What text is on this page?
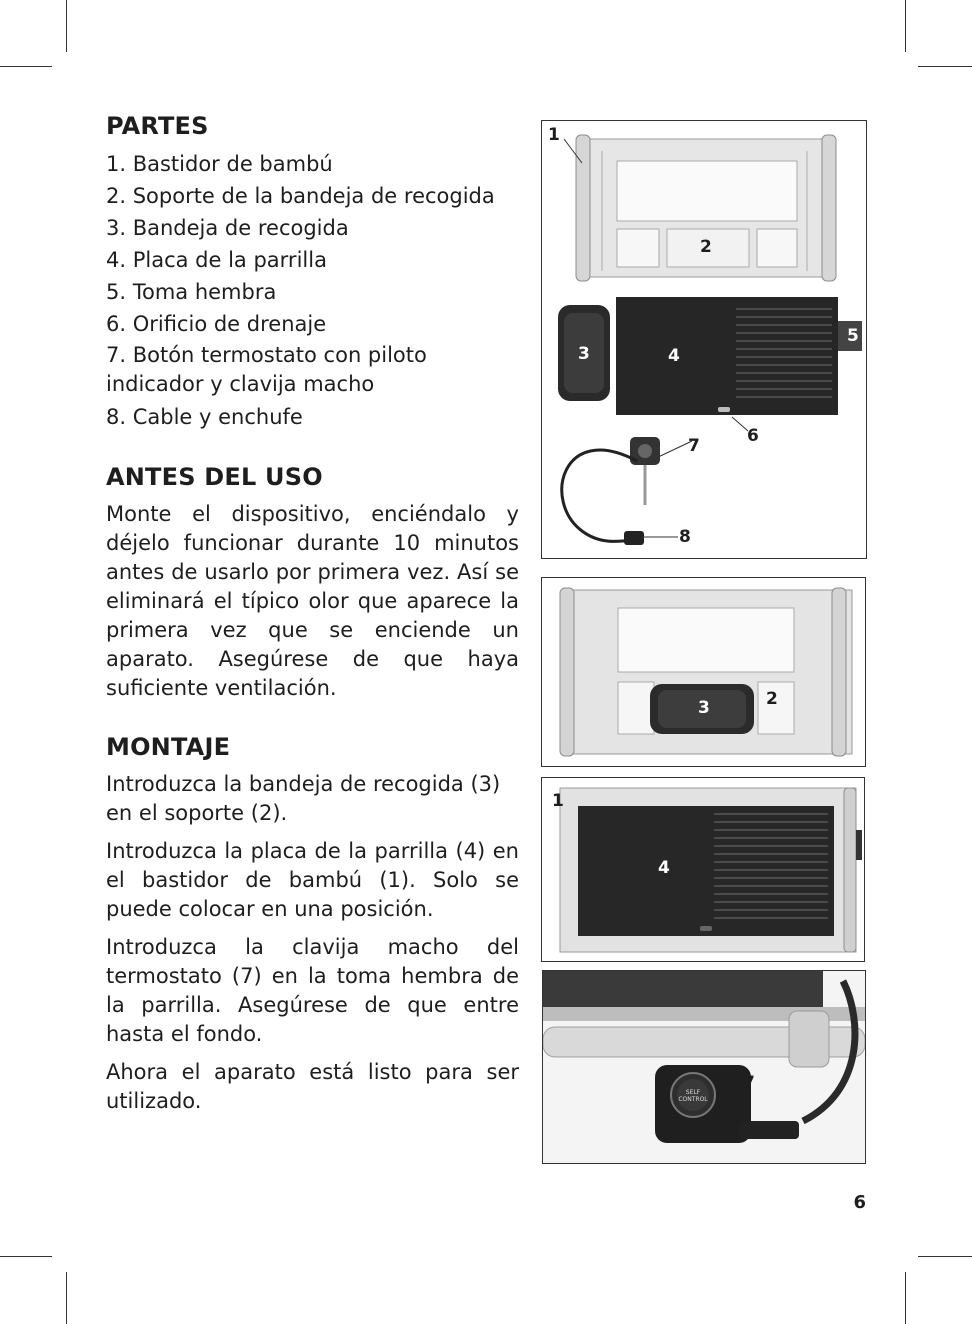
PARTES
1. Bastidor de bambú
2. Soporte de la bandeja de recogida
3. Bandeja de recogida
4. Placa de la parrilla
5. Toma hembra
6. Orificio de drenaje
7. Botón termostato con piloto indicador y clavija macho
8. Cable y enchufe
ANTES DEL USO

Monte el dispositivo, enciéndalo y déjelo funcionar durante 10 minutos antes de usarlo por primera vez. Así se eliminará el típico olor que aparece la primera vez que se enciende un aparato. Asegúrese de que haya suficiente ventilación.

MONTAJE

Introduzca la bandeja de recogida (3) en el soporte (2).

Introduzca la placa de la parrilla (4) en el bastidor de bambú (1). Solo se puede colocar en una posición.

Introduzca la clavija macho del termostato (7) en la toma hembra de la parrilla. Asegúrese de que entre hasta el fondo.

Ahora el aparato está listo para ser utilizado.

1
2
3	4
5
6
7
8
3	2
1
4
7
SELF CONTROL
6
